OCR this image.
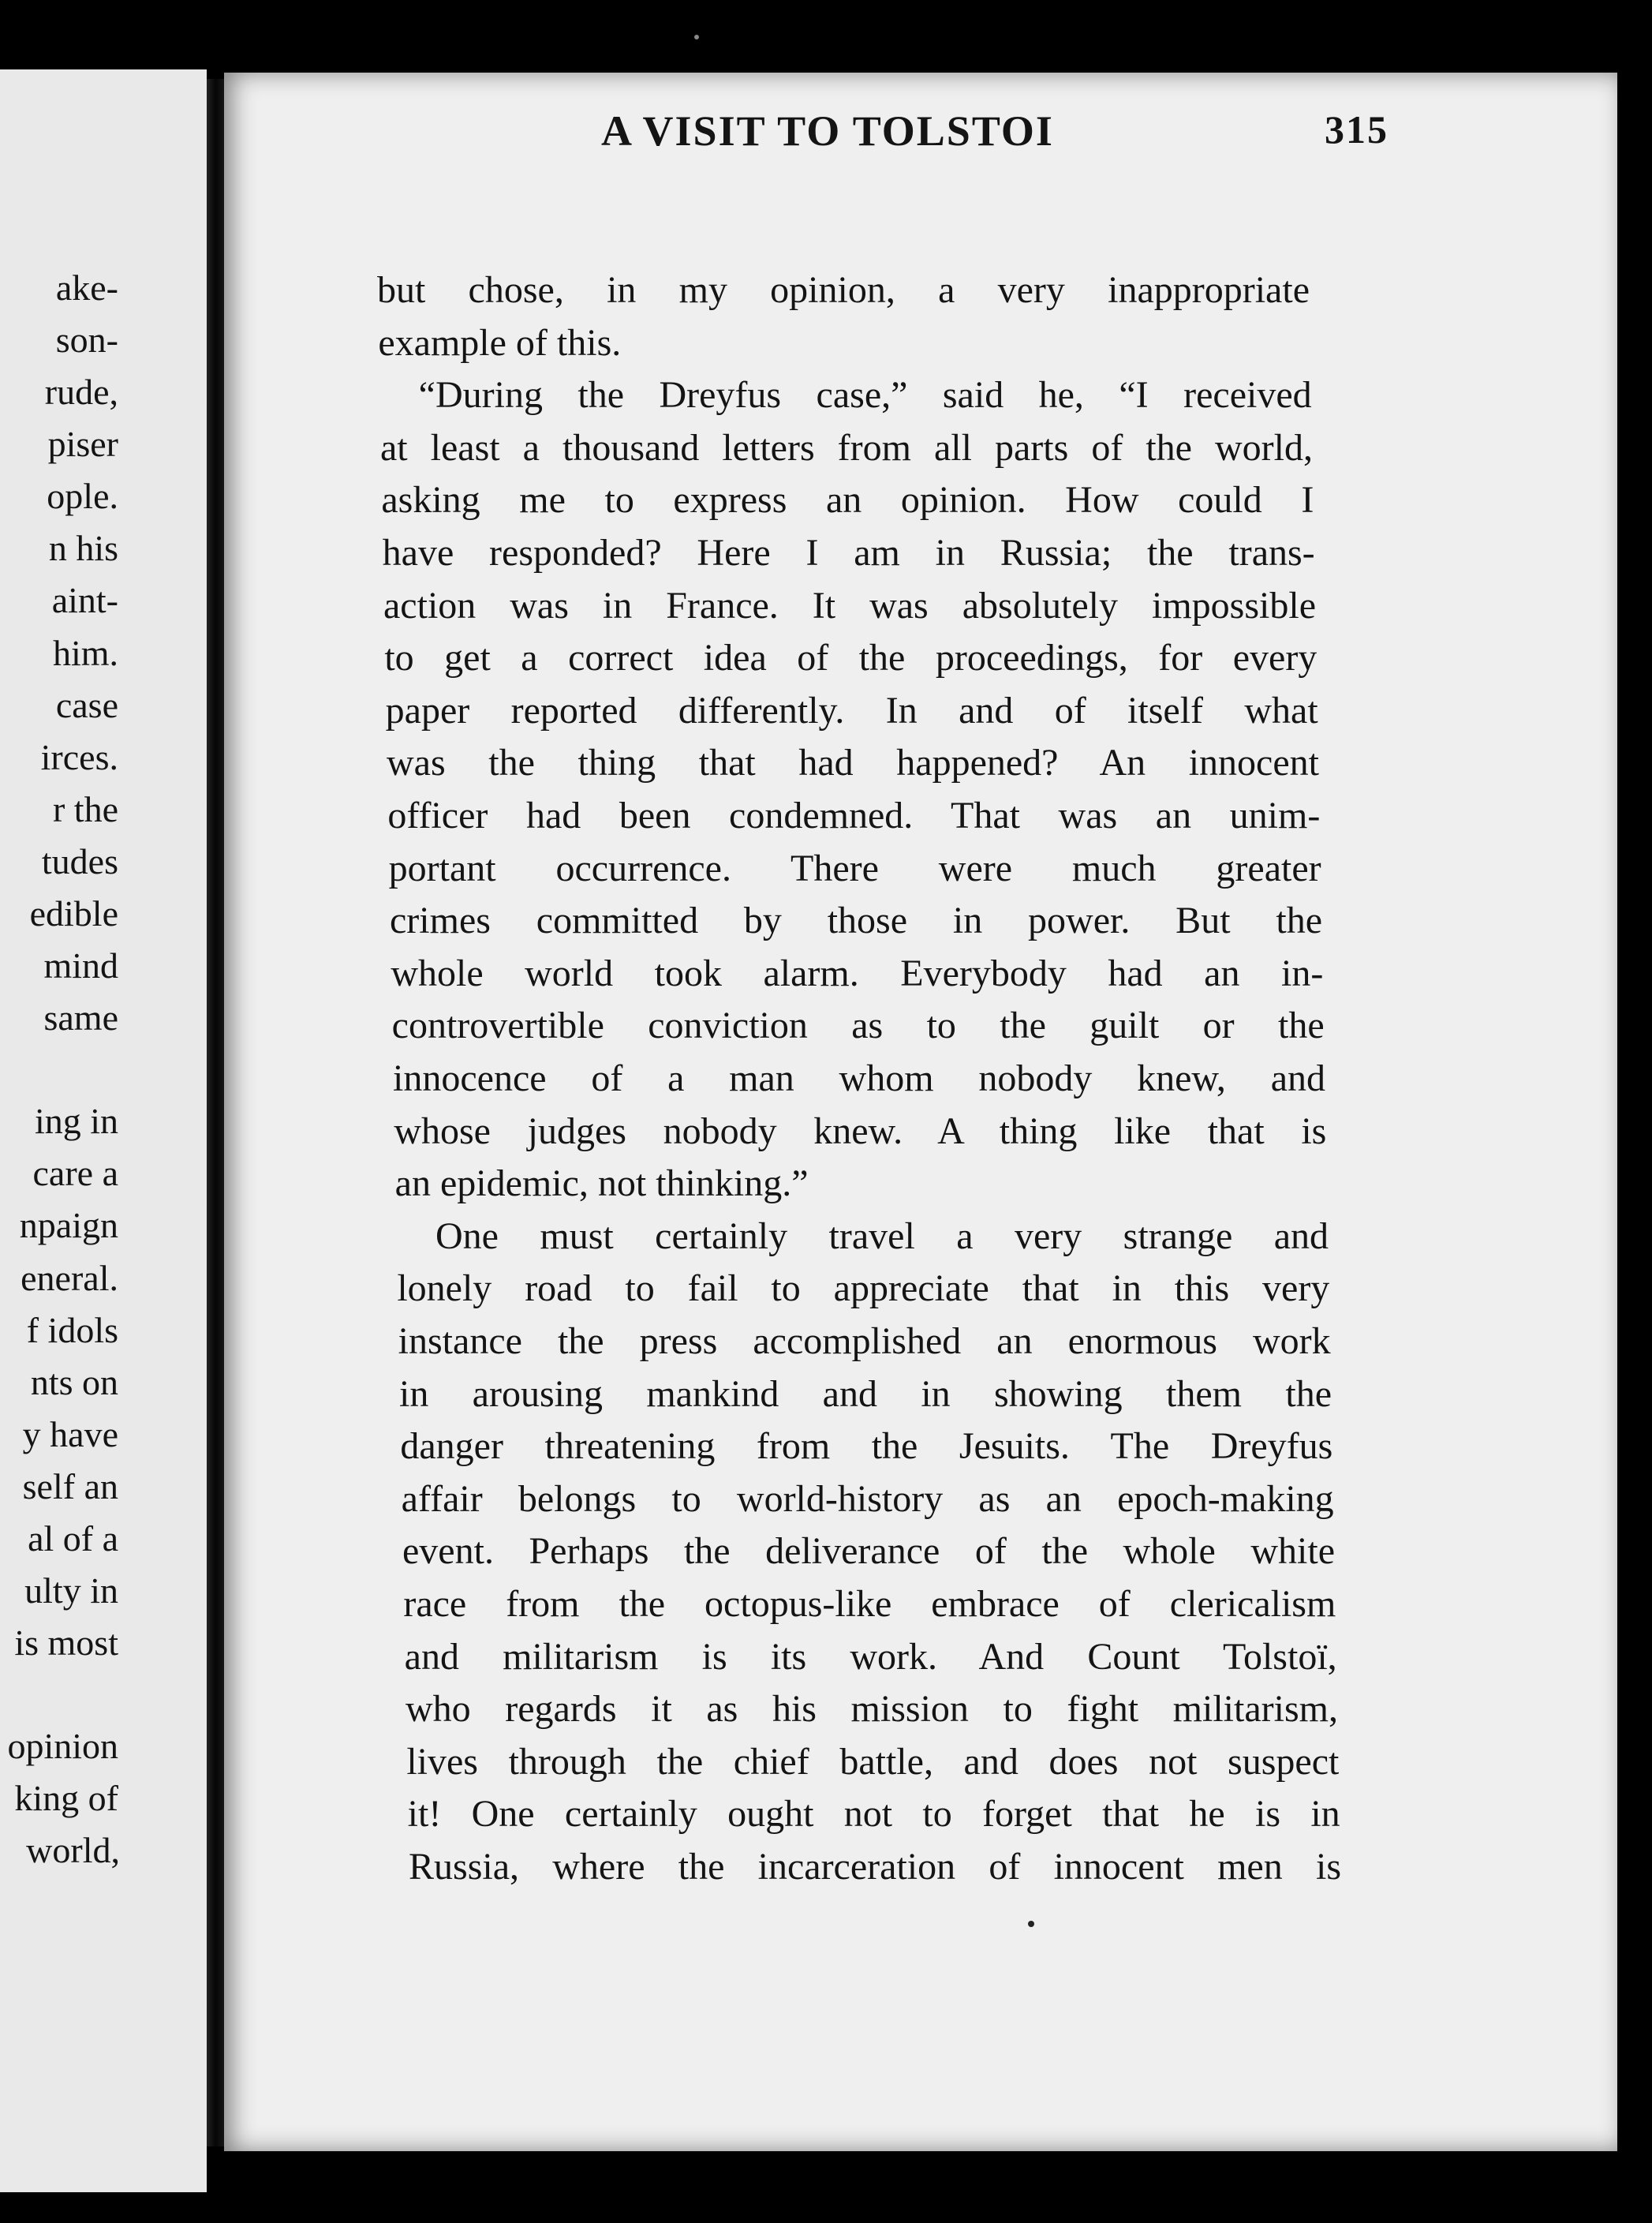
ake-
son-
rude,
piser
ople.
n his
aint-
him.
case
irces.
r the
tudes
edible
mind
same
ing in
care a
npaign
eneral.
f idols
nts on
y have
self an
al of a
ulty in
is most
opinion
king of
world,
A VISIT TO TOLSTOI	315
but chose, in my opinion, a very inappropriate
example of this.
“During the Dreyfus case,” said he, “I received
at least a thousand letters from all parts of the world,
asking me to express an opinion. How could I
have responded? Here I am in Russia; the trans-
action was in France. It was absolutely impossible
to get a correct idea of the proceedings, for every
paper reported differently. In and of itself what
was the thing that had happened? An innocent
officer had been condemned. That was an unim-
portant occurrence. There were much greater
crimes committed by those in power. But the
whole world took alarm. Everybody had an in-
controvertible conviction as to the guilt or the
innocence of a man whom nobody knew, and
whose judges nobody knew. A thing like that is
an epidemic, not thinking.”
One must certainly travel a very strange and
lonely road to fail to appreciate that in this very
instance the press accomplished an enormous work
in arousing mankind and in showing them the
danger threatening from the Jesuits. The Dreyfus
affair belongs to world-history as an epoch-making
event. Perhaps the deliverance of the whole white
race from the octopus-like embrace of clericalism
and militarism is its work. And Count Tolstoï,
who regards it as his mission to fight militarism,
lives through the chief battle, and does not suspect
it! One certainly ought not to forget that he is in
Russia, where the incarceration of innocent men is
